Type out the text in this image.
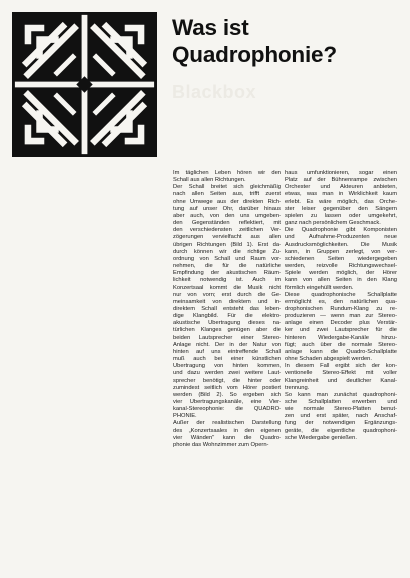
Was ist
Quadrophonie?
Blackbox
Im täglichen Leben hören wir den
Schall aus allen Richtungen.
Der Schall breitet sich gleichmäßig
nach allen Seiten aus, trifft zuerst
ohne Umwege aus der direkten Rich-
tung auf unser Ohr, darüber hinaus
aber auch, von den uns umgeben-
den Gegenständen reflektiert, mit
den verschiedensten zeitlichen Ver-
zögerungen vervielfacht aus allen
übrigen Richtungen (Bild 1). Erst da-
durch können wir die richtige Zu-
ordnung von Schall und Raum vor-
nehmen, die für die natürliche
Empfindung der akustischen Räum-
lichkeit notwendig ist. Auch im
Konzertsaal kommt die Musik nicht
nur von vorn; erst durch die Ge-
meinsamkeit von direktem und in-
direktem Schall entsteht das leben-
dige Klangbild. Für die elektro-
akustische Übertragung dieses na-
türlichen Klanges genügen aber die
beiden Lautsprecher einer Stereo-
Anlage nicht. Der in der Natur von
hinten auf uns eintreffende Schall
muß auch bei einer künstlichen
Übertragung von hinten kommen,
und dazu werden zwei weitere Laut-
sprecher benötigt, die hinter oder
zumindest seitlich vom Hörer postiert
werden (Bild 2). So ergeben sich
vier Übertragungskanäle, eine Vier-
kanal-Stereophonie: die QUADRO-
PHONIE.
Außer der realistischen Darstellung
des „Konzertsaales in den eigenen
vier Wänden" kann die Quadro-
phonie das Wohnzimmer zum Opern-
haus umfunktionieren, sogar einen
Platz auf der Bühnenrampe zwischen
Orchester und Akteuren anbieten,
etwas, was man in Wirklichkeit kaum
erlebt. Es wäre möglich, das Orche-
ster leiser gegenüber den Sängern
spielen zu lassen oder umgekehrt,
ganz nach persönlichem Geschmack.
Die Quadrophonie gibt Komponisten
und Aufnahme-Produzenten neue
Ausdrucksmöglichkeiten. Die Musik
kann, in Gruppen zerlegt, von ver-
schiedenen Seiten wiedergegeben
werden, reizvolle Richtungswechsel-
Spiele werden möglich, der Hörer
kann von allen Seiten in den Klang
förmlich eingehüllt werden.
Diese quadrophonische Schallplatte
ermöglicht es, den natürlichen qua-
drophonischen Rundum-Klang zu re-
produzieren — wenn man zur Stereo-
anlage einen Decoder plus Verstär-
ker und zwei Lautsprecher für die
hinteren Wiedergabe-Kanäle hinzu-
fügt; auch über die normale Stereo-
anlage kann die Quadro-Schallplatte
ohne Schaden abgespielt werden.
In diesem Fall ergibt sich der kon-
ventionelle Stereo-Effekt mit voller
Klangreinheit und deutlicher Kanal-
trennung.
So kann man zunächst quadrophoni-
sche Schallplatten erwerben und
wie normale Stereo-Platten benut-
zen und erst später, nach Anschaf-
fung der notwendigen Ergänzungs-
geräte, die eigentliche quadrophoni-
sche Wiedergabe genießen.
